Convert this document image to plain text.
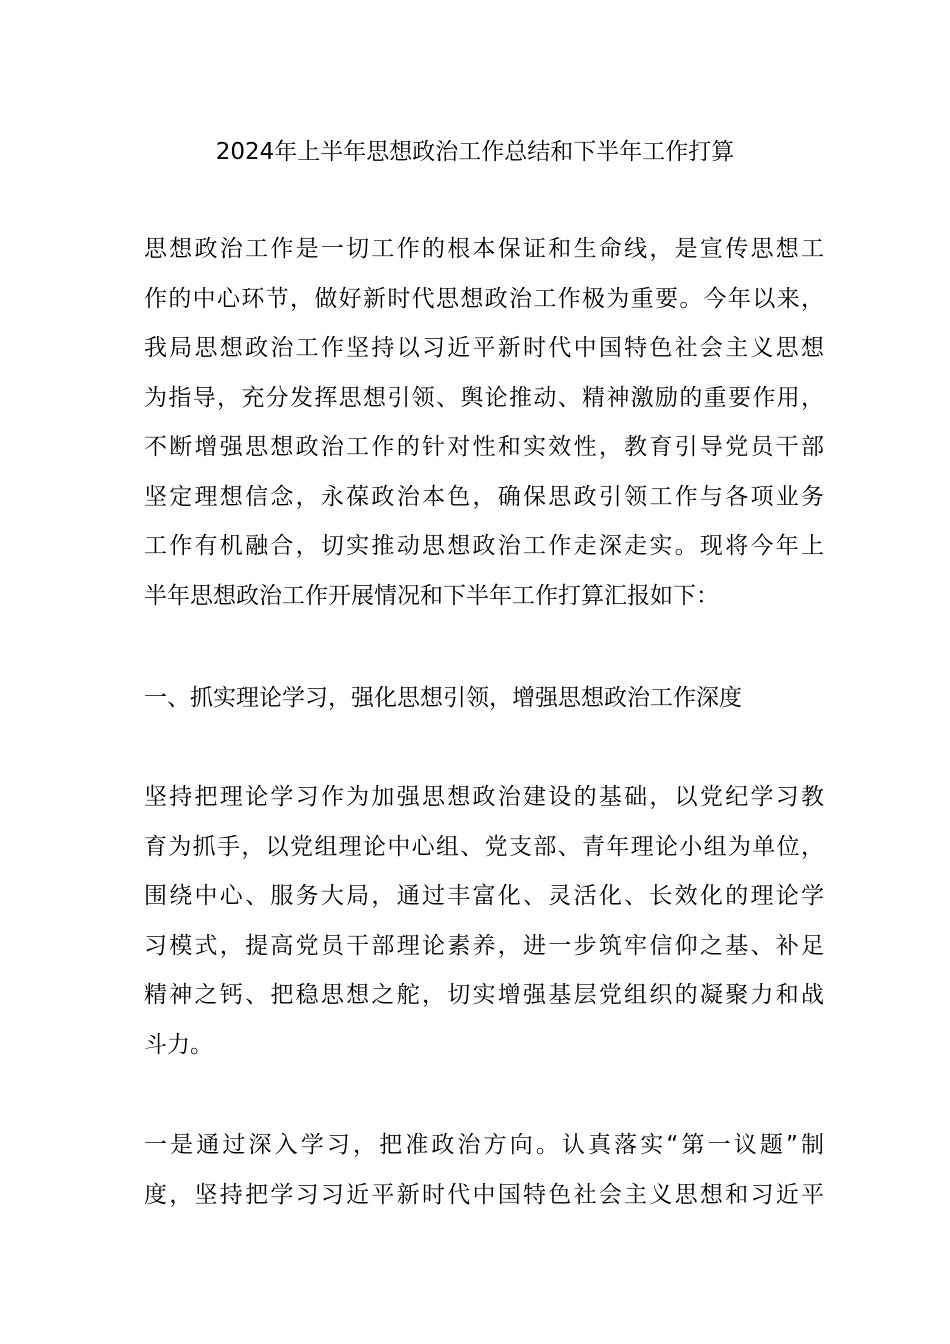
2024年上半年思想政治工作总结和下半年工作打算
思想政治工作是一切工作的根本保证和生命线，是宣传思想工
作的中心环节，做好新时代思想政治工作极为重要。今年以来，
我局思想政治工作坚持以习近平新时代中国特色社会主义思想
为指导，充分发挥思想引领、舆论推动、精神激励的重要作用，
不断增强思想政治工作的针对性和实效性，教育引导党员干部
坚定理想信念，永葆政治本色，确保思政引领工作与各项业务
工作有机融合，切实推动思想政治工作走深走实。现将今年上
半年思想政治工作开展情况和下半年工作打算汇报如下：
一、抓实理论学习，强化思想引领，增强思想政治工作深度
坚持把理论学习作为加强思想政治建设的基础，以党纪学习教
育为抓手，以党组理论中心组、党支部、青年理论小组为单位，
围绕中心、服务大局，通过丰富化、灵活化、长效化的理论学
习模式，提高党员干部理论素养，进一步筑牢信仰之基、补足
精神之钙、把稳思想之舵，切实增强基层党组织的凝聚力和战
斗力。
一是通过深入学习，把准政治方向。认真落实“第一议题”制
度，坚持把学习习近平新时代中国特色社会主义思想和习近平
